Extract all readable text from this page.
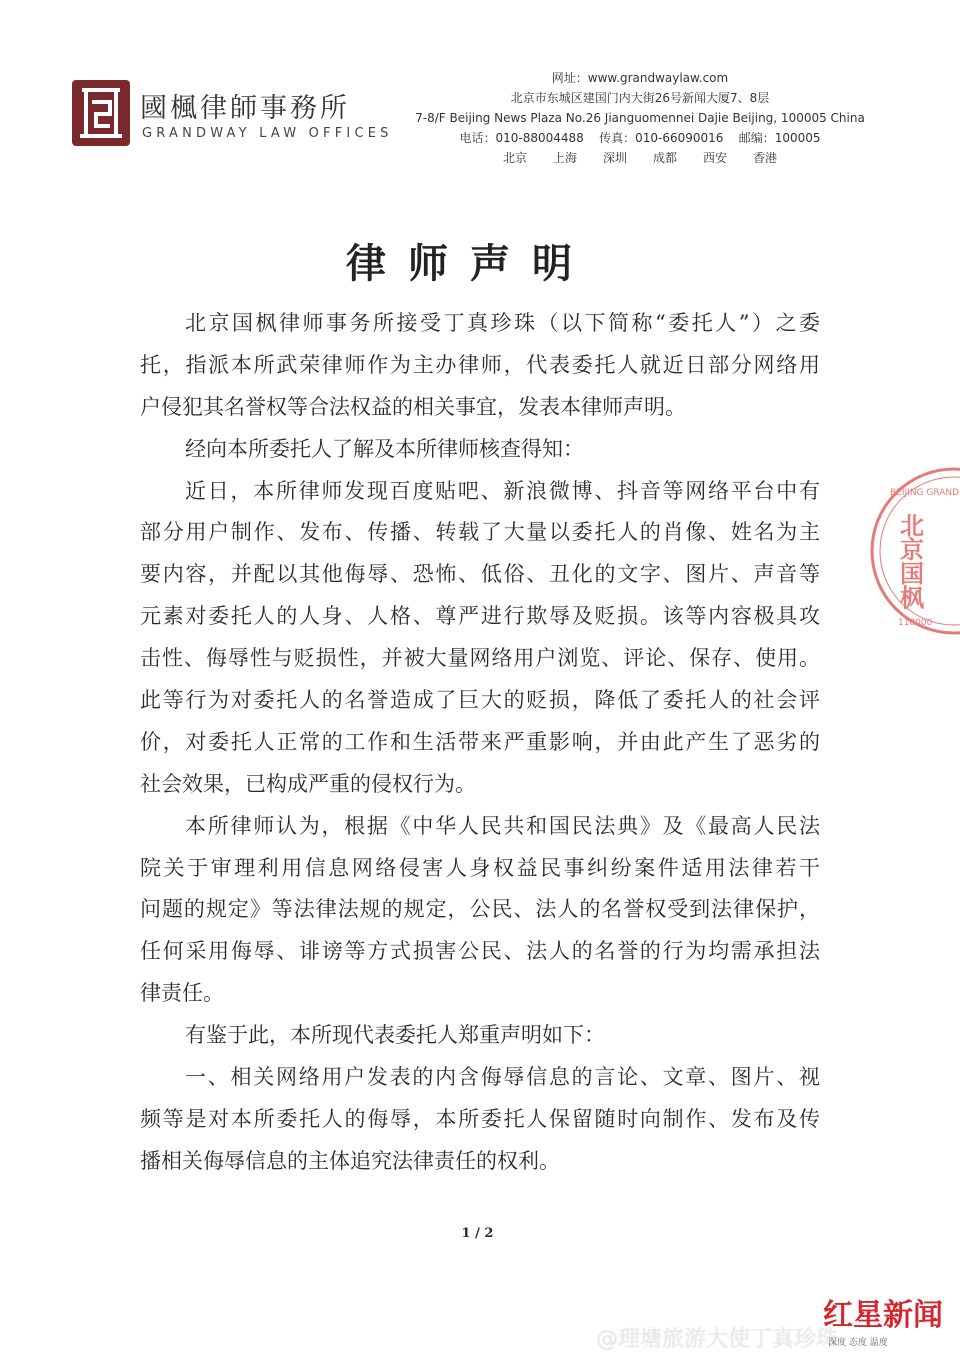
國楓律師事務所
GRANDWAY LAW OFFICES
网址：www.grandwaylaw.com
北京市东城区建国门内大街26号新闻大厦7、8层
7-8/F Beijing News Plaza No.26 Jianguomennei Dajie Beijing, 100005 China
电话：010-88004488 传真：010-66090016 邮编：100005
北京 上海 深圳 成都 西安 香港
律师声明
北京国枫律师事务所接受丁真珍珠（以下简称“委托人”）之委
托，指派本所武荣律师作为主办律师，代表委托人就近日部分网络用
户侵犯其名誉权等合法权益的相关事宜，发表本律师声明。
经向本所委托人了解及本所律师核查得知：
近日，本所律师发现百度贴吧、新浪微博、抖音等网络平台中有
部分用户制作、发布、传播、转载了大量以委托人的肖像、姓名为主
要内容，并配以其他侮辱、恐怖、低俗、丑化的文字、图片、声音等
元素对委托人的人身、人格、尊严进行欺辱及贬损。该等内容极具攻
击性、侮辱性与贬损性，并被大量网络用户浏览、评论、保存、使用。
此等行为对委托人的名誉造成了巨大的贬损，降低了委托人的社会评
价，对委托人正常的工作和生活带来严重影响，并由此产生了恶劣的
社会效果，已构成严重的侵权行为。
本所律师认为，根据《中华人民共和国民法典》及《最高人民法
院关于审理利用信息网络侵害人身权益民事纠纷案件适用法律若干
问题的规定》等法律法规的规定，公民、法人的名誉权受到法律保护，
任何采用侮辱、诽谤等方式损害公民、法人的名誉的行为均需承担法
律责任。
有鉴于此，本所现代表委托人郑重声明如下：
一、相关网络用户发表的内含侮辱信息的言论、文章、图片、视
频等是对本所委托人的侮辱，本所委托人保留随时向制作、发布及传
播相关侮辱信息的主体追究法律责任的权利。
BEIJING GRAND
北京国枫
110000
1 / 2
@理塘旅游大使丁真珍珠
红星新闻
深度 态度 温度
